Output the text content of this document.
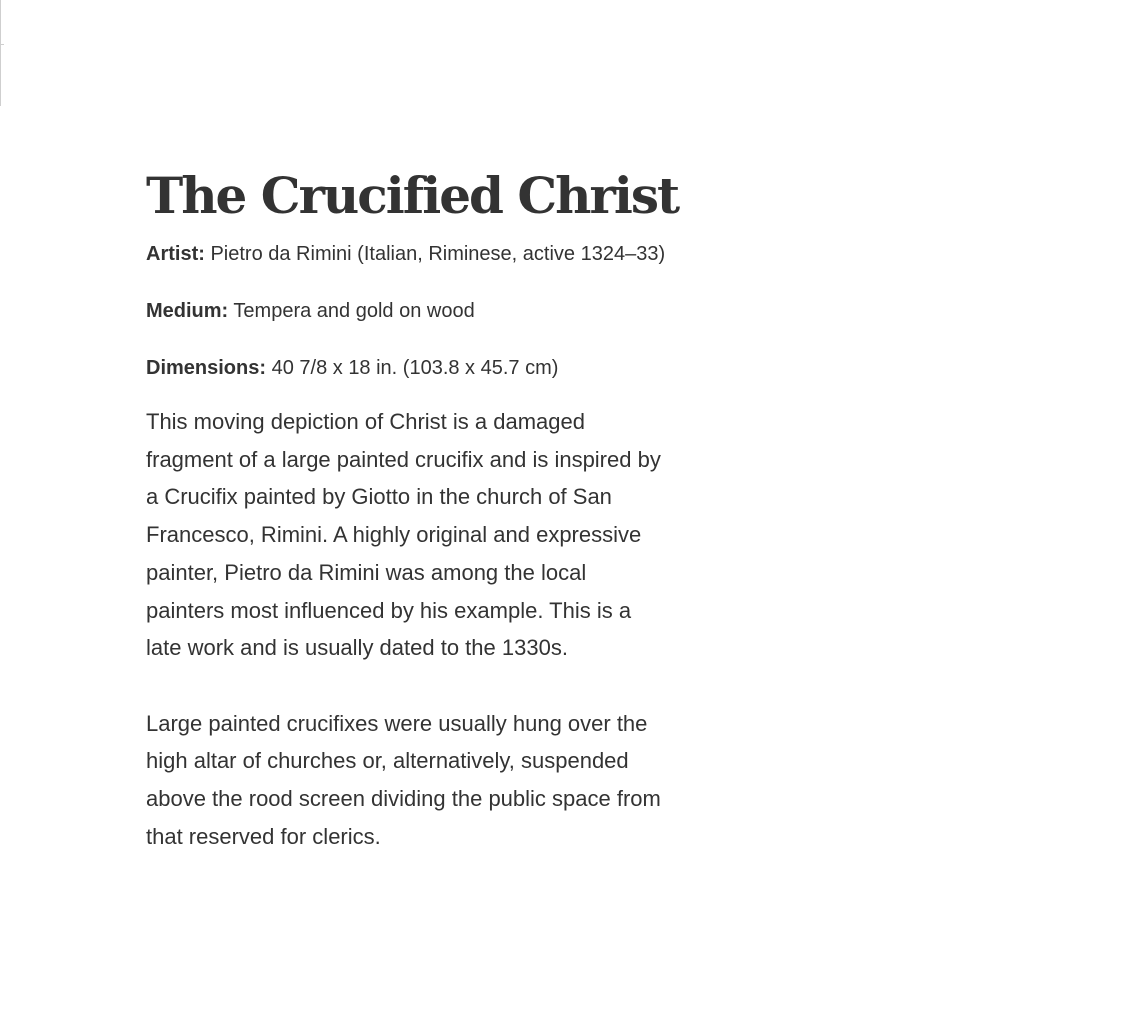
The Crucified Christ

Artist: Pietro da Rimini (Italian, Riminese, active 1324–33)

Medium: Tempera and gold on wood

Dimensions: 40 7/8 x 18 in. (103.8 x 45.7 cm)

This moving depiction of Christ is a damaged fragment of a large painted crucifix and is inspired by a Crucifix painted by Giotto in the church of San Francesco, Rimini. A highly original and expressive painter, Pietro da Rimini was among the local painters most influenced by his example. This is a late work and is usually dated to the 1330s.

Large painted crucifixes were usually hung over the high altar of churches or, alternatively, suspended above the rood screen dividing the public space from that reserved for clerics.
